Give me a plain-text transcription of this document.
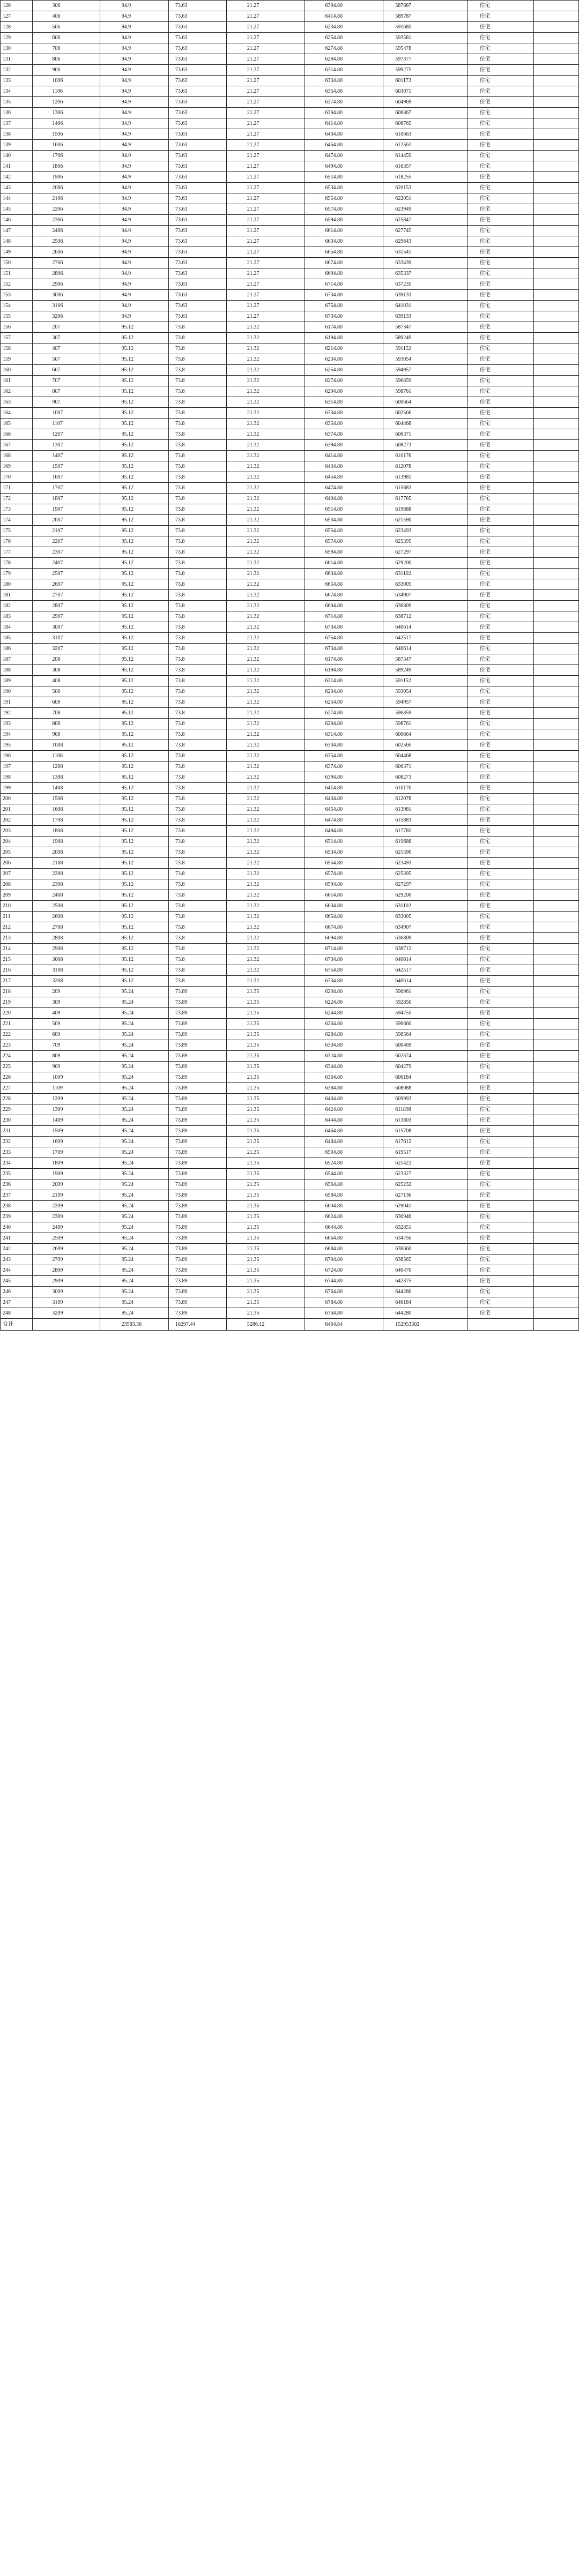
126	306	94.9	73.63	21.27	6394.80	587887	住宅	
127	406	94.9	73.63	21.27	6414.80	589787	住宅	
128	506	94.9	73.63	21.27	6234.80	591685	住宅	
129	606	94.9	73.63	21.27	6254.80	593581	住宅	
130	706	94.9	73.63	21.27	6274.80	595478	住宅	
131	806	94.9	73.63	21.27	6294.80	597377	住宅	
132	906	94.9	73.63	21.27	6314.80	599275	住宅	
133	1006	94.9	73.63	21.27	6334.80	601173	住宅	
134	1106	94.9	73.63	21.27	6354.80	603071	住宅	
135	1206	94.9	73.63	21.27	6374.80	604969	住宅	
136	1306	94.9	73.63	21.27	6394.80	606867	住宅	
137	1406	94.9	73.63	21.27	6414.80	608765	住宅	
138	1506	94.9	73.63	21.27	6434.80	610663	住宅	
139	1606	94.9	73.63	21.27	6454.80	612561	住宅	
140	1706	94.9	73.63	21.27	6474.80	614459	住宅	
141	1806	94.9	73.63	21.27	6494.80	616357	住宅	
142	1906	94.9	73.63	21.27	6514.80	618255	住宅	
143	2006	94.9	73.63	21.27	6534.80	620153	住宅	
144	2106	94.9	73.63	21.27	6554.80	622051	住宅	
145	2206	94.9	73.63	21.27	6574.80	623949	住宅	
146	2306	94.9	73.63	21.27	6594.80	625847	住宅	
147	2406	94.9	73.63	21.27	6614.80	627745	住宅	
148	2506	94.9	73.63	21.27	6634.80	629643	住宅	
149	2606	94.9	73.63	21.27	6654.80	631541	住宅	
150	2706	94.9	73.63	21.27	6674.80	633439	住宅	
151	2806	94.9	73.63	21.27	6694.80	635337	住宅	
152	2906	94.9	73.63	21.27	6714.80	637235	住宅	
153	3006	94.9	73.63	21.27	6734.80	639133	住宅	
154	3106	94.9	73.63	21.27	6754.80	641031	住宅	
155	3206	94.9	73.63	21.27	6734.80	639133	住宅	
156	207	95.12	73.8	21.32	6174.80	587347	住宅	
157	307	95.12	73.8	21.32	6194.80	589249	住宅	
158	407	95.12	73.8	21.32	6214.80	591152	住宅	
159	507	95.12	73.8	21.32	6234.80	593054	住宅	
160	607	95.12	73.8	21.32	6254.80	594957	住宅	
161	707	95.12	73.8	21.32	6274.80	596859	住宅	
162	807	95.12	73.8	21.32	6294.80	598761	住宅	
163	907	95.12	73.8	21.32	6314.80	600664	住宅	
164	1007	95.12	73.8	21.32	6334.80	602566	住宅	
165	1107	95.12	73.8	21.32	6354.80	604468	住宅	
166	1207	95.12	73.8	21.32	6374.80	606371	住宅	
167	1307	95.12	73.8	21.32	6394.80	608273	住宅	
168	1407	95.12	73.8	21.32	6414.80	610176	住宅	
169	1507	95.12	73.8	21.32	6434.80	612078	住宅	
170	1607	95.12	73.8	21.32	6454.80	613981	住宅	
171	1707	95.12	73.8	21.32	6474.80	615883	住宅	
172	1807	95.12	73.8	21.32	6494.80	617785	住宅	
173	1907	95.12	73.8	21.32	6514.80	619688	住宅	
174	2007	95.12	73.8	21.32	6534.80	621590	住宅	
175	2107	95.12	73.8	21.32	6554.80	623493	住宅	
176	2207	95.12	73.8	21.32	6574.80	625395	住宅	
177	2307	95.12	73.8	21.32	6594.80	627297	住宅	
178	2407	95.12	73.8	21.32	6614.80	629200	住宅	
179	2507	95.12	73.8	21.32	6634.80	631102	住宅	
180	2607	95.12	73.8	21.32	6654.80	633005	住宅	
181	2707	95.12	73.8	21.32	6674.80	634907	住宅	
182	2807	95.12	73.8	21.32	6694.80	636809	住宅	
183	2907	95.12	73.8	21.32	6714.80	638712	住宅	
184	3007	95.12	73.8	21.32	6734.80	640614	住宅	
185	3107	95.12	73.8	21.32	6754.80	642517	住宅	
186	3207	95.12	73.8	21.32	6734.80	640614	住宅	
187	208	95.12	73.8	21.32	6174.80	587347	住宅	
188	308	95.12	73.8	21.32	6194.80	589249	住宅	
189	408	95.12	73.8	21.32	6214.80	591152	住宅	
190	508	95.12	73.8	21.32	6234.80	593054	住宅	
191	608	95.12	73.8	21.32	6254.80	594957	住宅	
192	708	95.12	73.8	21.32	6274.80	596859	住宅	
193	808	95.12	73.8	21.32	6294.80	598761	住宅	
194	908	95.12	73.8	21.32	6314.80	600664	住宅	
195	1008	95.12	73.8	21.32	6334.80	602566	住宅	
196	1108	95.12	73.8	21.32	6354.80	604468	住宅	
197	1208	95.12	73.8	21.32	6374.80	606371	住宅	
198	1308	95.12	73.8	21.32	6394.80	608273	住宅	
199	1408	95.12	73.8	21.32	6414.80	610176	住宅	
200	1508	95.12	73.8	21.32	6434.80	612078	住宅	
201	1608	95.12	73.8	21.32	6454.80	613981	住宅	
202	1708	95.12	73.8	21.32	6474.80	615883	住宅	
203	1808	95.12	73.8	21.32	6494.80	617785	住宅	
204	1908	95.12	73.8	21.32	6514.80	619688	住宅	
205	2008	95.12	73.8	21.32	6534.80	621590	住宅	
206	2108	95.12	73.8	21.32	6554.80	623493	住宅	
207	2208	95.12	73.8	21.32	6574.80	625395	住宅	
208	2308	95.12	73.8	21.32	6594.80	627297	住宅	
209	2408	95.12	73.8	21.32	6614.80	629200	住宅	
210	2508	95.12	73.8	21.32	6634.80	631102	住宅	
211	2608	95.12	73.8	21.32	6654.80	633005	住宅	
212	2708	95.12	73.8	21.32	6674.80	634907	住宅	
213	2808	95.12	73.8	21.32	6694.80	636809	住宅	
214	2908	95.12	73.8	21.32	6714.80	638712	住宅	
215	3008	95.12	73.8	21.32	6734.80	640614	住宅	
216	3108	95.12	73.8	21.32	6754.80	642517	住宅	
217	3208	95.12	73.8	21.32	6734.80	640614	住宅	
218	209	95.24	73.89	21.35	6204.80	590961	住宅	
219	309	95.24	73.89	21.35	6224.80	592850	住宅	
220	409	95.24	73.89	21.35	6244.80	594755	住宅	
221	509	95.24	73.89	21.35	6264.80	596660	住宅	
222	609	95.24	73.89	21.35	6284.80	598564	住宅	
223	709	95.24	73.89	21.35	6304.80	600469	住宅	
224	809	95.24	73.89	21.35	6324.80	602374	住宅	
225	909	95.24	73.89	21.35	6344.80	604279	住宅	
226	1009	95.24	73.89	21.35	6364.80	606184	住宅	
227	1109	95.24	73.89	21.35	6384.80	608088	住宅	
228	1209	95.24	73.89	21.35	6404.80	609993	住宅	
229	1309	95.24	73.89	21.35	6424.80	611898	住宅	
230	1409	95.24	73.89	21.35	6444.80	613803	住宅	
231	1509	95.24	73.89	21.35	6464.80	615708	住宅	
232	1609	95.24	73.89	21.35	6484.80	617612	住宅	
233	1709	95.24	73.89	21.35	6504.80	619517	住宅	
234	1809	95.24	73.89	21.35	6524.80	621422	住宅	
235	1909	95.24	73.89	21.35	6544.80	623327	住宅	
236	2009	95.24	73.89	21.35	6564.80	625232	住宅	
237	2109	95.24	73.89	21.35	6584.80	627136	住宅	
238	2209	95.24	73.89	21.35	6604.80	629041	住宅	
239	2309	95.24	73.89	21.35	6624.80	630946	住宅	
240	2409	95.24	73.89	21.35	6644.80	632851	住宅	
241	2509	95.24	73.89	21.35	6664.80	634756	住宅	
242	2609	95.24	73.89	21.35	6684.80	636660	住宅	
243	2709	95.24	73.89	21.35	6704.80	638565	住宅	
244	2809	95.24	73.89	21.35	6724.80	640470	住宅	
245	2909	95.24	73.89	21.35	6744.80	642375	住宅	
246	3009	95.24	73.89	21.35	6764.80	644280	住宅	
247	3109	95.24	73.89	21.35	6784.80	646184	住宅	
248	3209	95.24	73.89	21.35	6764.80	644280	住宅	
合计		23583.56	18297.44	5286.12	6464.84	152953302		
